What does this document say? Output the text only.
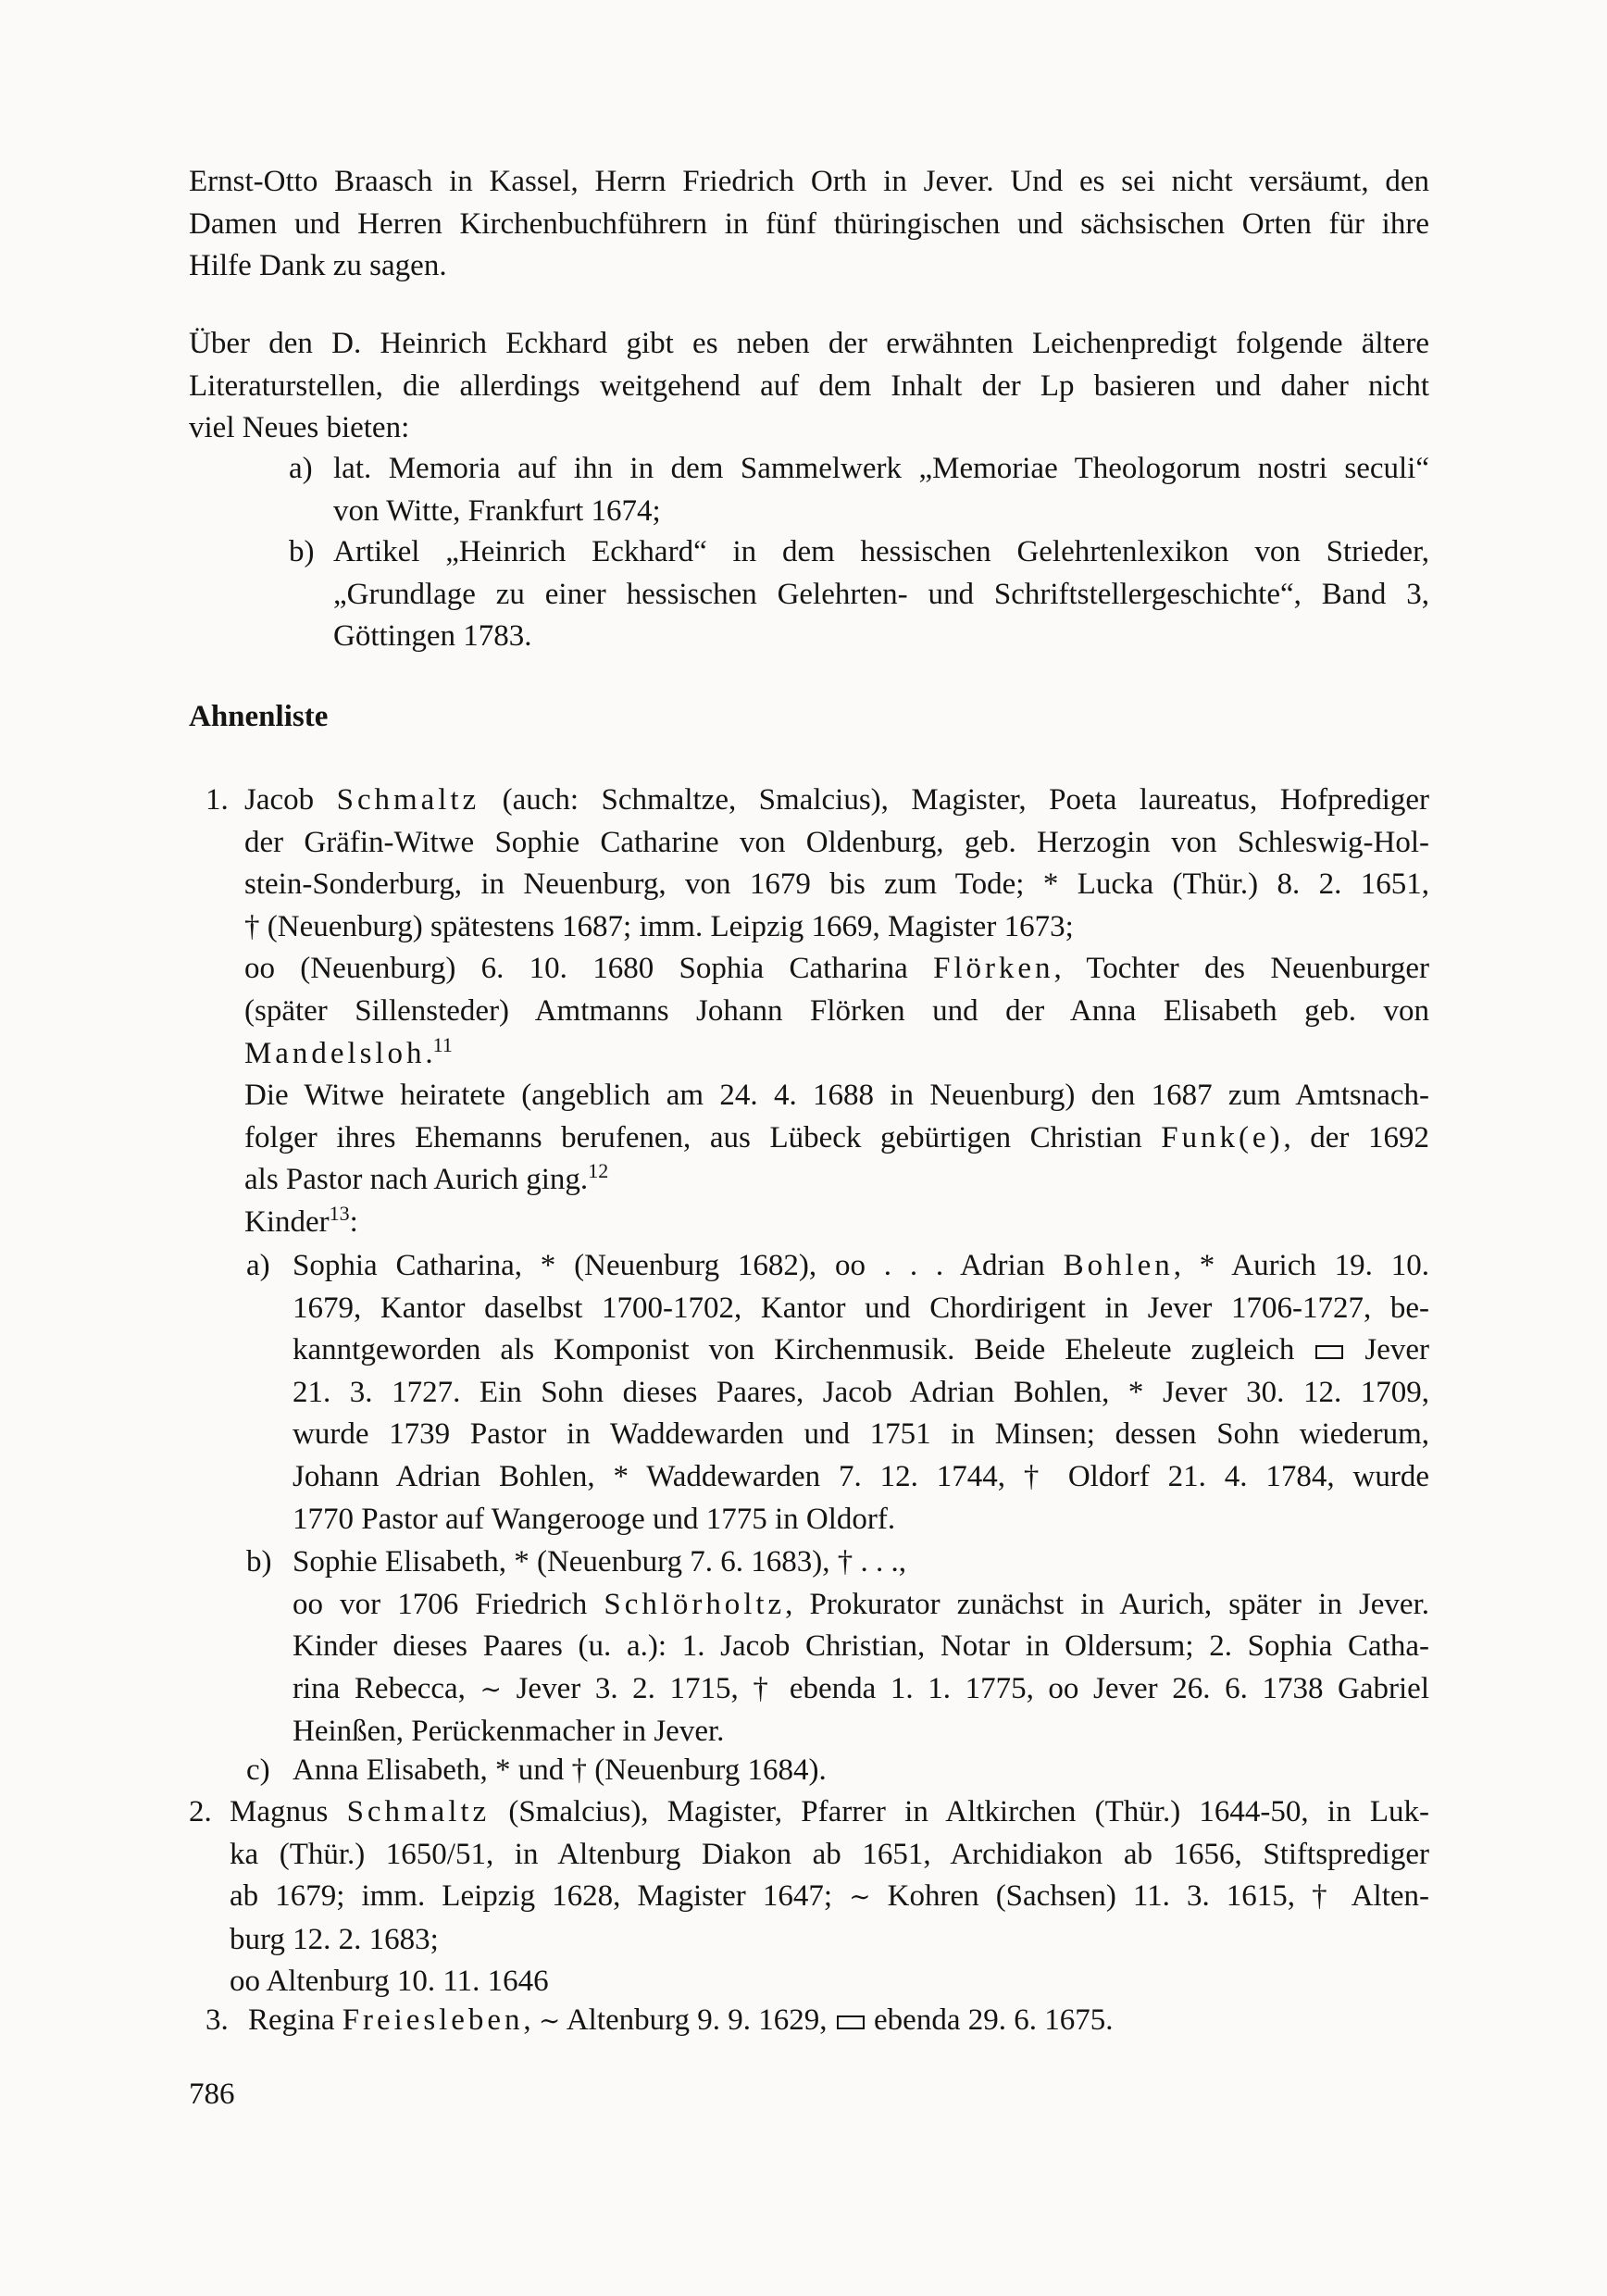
Ernst-Otto Braasch in Kassel, Herrn Friedrich Orth in Jever. Und es sei nicht versäumt, den
Damen und Herren Kirchenbuchführern in fünf thüringischen und sächsischen Orten für ihre
Hilfe Dank zu sagen.
Über den D. Heinrich Eckhard gibt es neben der erwähnten Leichenpredigt folgende ältere
Literaturstellen, die allerdings weitgehend auf dem Inhalt der Lp basieren und daher nicht
viel Neues bieten:
a) lat. Memoria auf ihn in dem Sammelwerk „Memoriae Theologorum nostri seculi“
von Witte, Frankfurt 1674;
b) Artikel „Heinrich Eckhard“ in dem hessischen Gelehrtenlexikon von Strieder,
„Grundlage zu einer hessischen Gelehrten- und Schriftstellergeschichte“, Band 3,
Göttingen 1783.
Ahnenliste
1. Jacob Schmaltz (auch: Schmaltze, Smalcius), Magister, Poeta laureatus, Hofprediger
der Gräfin-Witwe Sophie Catharine von Oldenburg, geb. Herzogin von Schleswig-Hol-
stein-Sonderburg, in Neuenburg, von 1679 bis zum Tode; * Lucka (Thür.) 8. 2. 1651,
† (Neuenburg) spätestens 1687; imm. Leipzig 1669, Magister 1673;
oo (Neuenburg) 6. 10. 1680 Sophia Catharina Flörken, Tochter des Neuenburger
(später Sillensteder) Amtmanns Johann Flörken und der Anna Elisabeth geb. von
Mandelsloh.$^{11}$
Die Witwe heiratete (angeblich am 24. 4. 1688 in Neuenburg) den 1687 zum Amtsnach-
folger ihres Ehemanns berufenen, aus Lübeck gebürtigen Christian Funk(e), der 1692
als Pastor nach Aurich ging.$^{12}$
Kinder$^{13}$:
a) Sophia Catharina, * (Neuenburg 1682), oo . . . Adrian Bohlen, * Aurich 19. 10.
1679, Kantor daselbst 1700-1702, Kantor und Chordirigent in Jever 1706-1727, be-
kanntgeworden als Komponist von Kirchenmusik. Beide Eheleute zugleich Jever
21. 3. 1727. Ein Sohn dieses Paares, Jacob Adrian Bohlen, * Jever 30. 12. 1709,
wurde 1739 Pastor in Waddewarden und 1751 in Minsen; dessen Sohn wiederum,
Johann Adrian Bohlen, * Waddewarden 7. 12. 1744, † Oldorf 21. 4. 1784, wurde
1770 Pastor auf Wangerooge und 1775 in Oldorf.
b) Sophie Elisabeth, * (Neuenburg 7. 6. 1683), † . . .,
oo vor 1706 Friedrich Schlörholtz, Prokurator zunächst in Aurich, später in Jever.
Kinder dieses Paares (u. a.): 1. Jacob Christian, Notar in Oldersum; 2. Sophia Catha-
rina Rebecca, ∼ Jever 3. 2. 1715, † ebenda 1. 1. 1775, oo Jever 26. 6. 1738 Gabriel
Heinßen, Perückenmacher in Jever.
c) Anna Elisabeth, * und † (Neuenburg 1684).
2. Magnus Schmaltz (Smalcius), Magister, Pfarrer in Altkirchen (Thür.) 1644-50, in Luk-
ka (Thür.) 1650/51, in Altenburg Diakon ab 1651, Archidiakon ab 1656, Stiftsprediger
ab 1679; imm. Leipzig 1628, Magister 1647; ∼ Kohren (Sachsen) 11. 3. 1615, † Alten-
burg 12. 2. 1683;
oo Altenburg 10. 11. 1646
3. Regina Freiesleben, ∼ Altenburg 9. 9. 1629, ebenda 29. 6. 1675.
786
